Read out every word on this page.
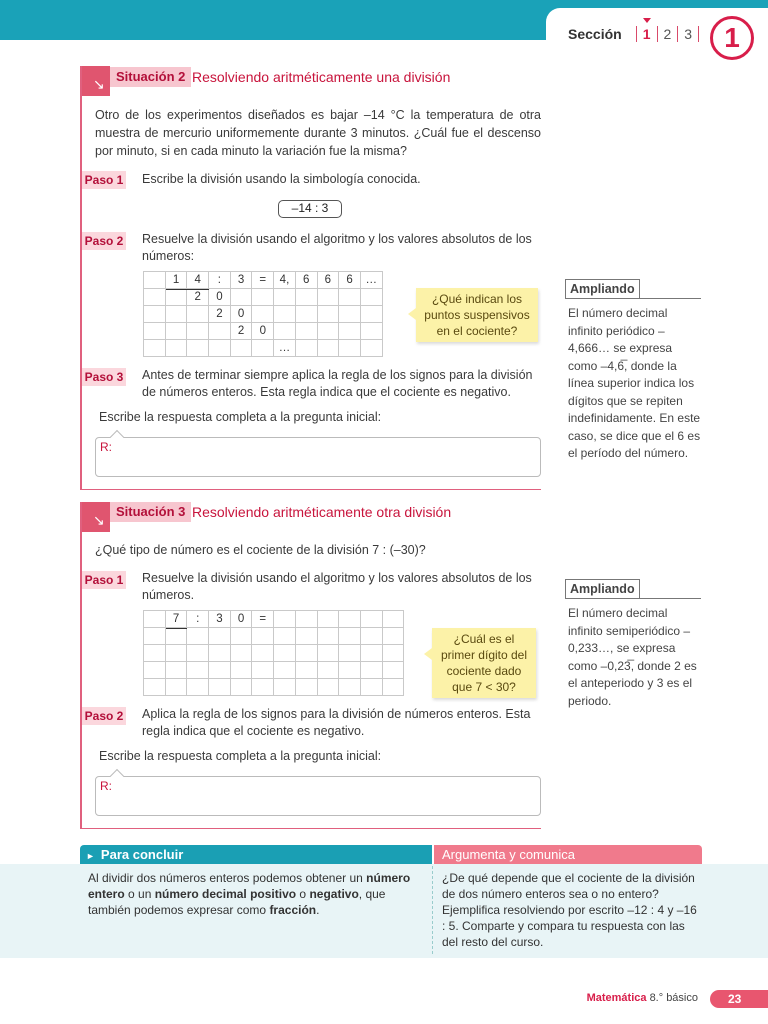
Sección 1 2 3 1
↘ Situación 2 Resolviendo aritméticamente una división
Otro de los experimentos diseñados es bajar –14 °C la temperatura de otra muestra de mercurio uniformemente durante 3 minutos. ¿Cuál fue el descenso por minuto, si en cada minuto la variación fue la misma?
Paso 1	Escribe la división usando la simbología conocida.
–14 : 3
Paso 2	Resuelve la división usando el algoritmo y los valores absolutos de los números:
	1	4	:	3	=	4,	6	6	6	…
		2	0							
			2	0						
				2	0					
						…				
¿Qué indican los puntos suspensivos en el cociente?
Paso 3	Antes de terminar siempre aplica la regla de los signos para la división de números enteros. Esta regla indica que el cociente es negativo.
Escribe la respuesta completa a la pregunta inicial:
R:
Ampliando
El número decimal infinito periódico –4,666… se expresa como –4,6̅, donde la línea superior indica los dígitos que se repiten indefinidamente. En este caso, se dice que el 6 es el período del número.
↘
Situación 3 Resolviendo aritméticamente otra división
¿Qué tipo de número es el cociente de la división 7 : (–30)?
Paso 1	Resuelve la división usando el algoritmo y los valores absolutos de los números.
	7	:	3	0	=						

¿Cuál es el primer dígito del cociente dado que 7 < 30?
Paso 2	Aplica la regla de los signos para la división de números enteros. Esta regla indica que el cociente es negativo.
Escribe la respuesta completa a la pregunta inicial:
R:
Ampliando
El número decimal infinito semiperiódico –0,233…, se expresa como –0,23̅, donde 2 es el anteperiodo y 3 es el periodo.
► Para concluir
Al dividir dos números enteros podemos obtener un número entero o un número decimal positivo o negativo, que también podemos expresar como fracción.
Argumenta y comunica
¿De qué depende que el cociente de la división de dos número enteros sea o no entero? Ejemplifica resolviendo por escrito –12 : 4 y –16 : 5. Comparte y compara tu respuesta con las del resto del curso.
Matemática 8.° básico	23
